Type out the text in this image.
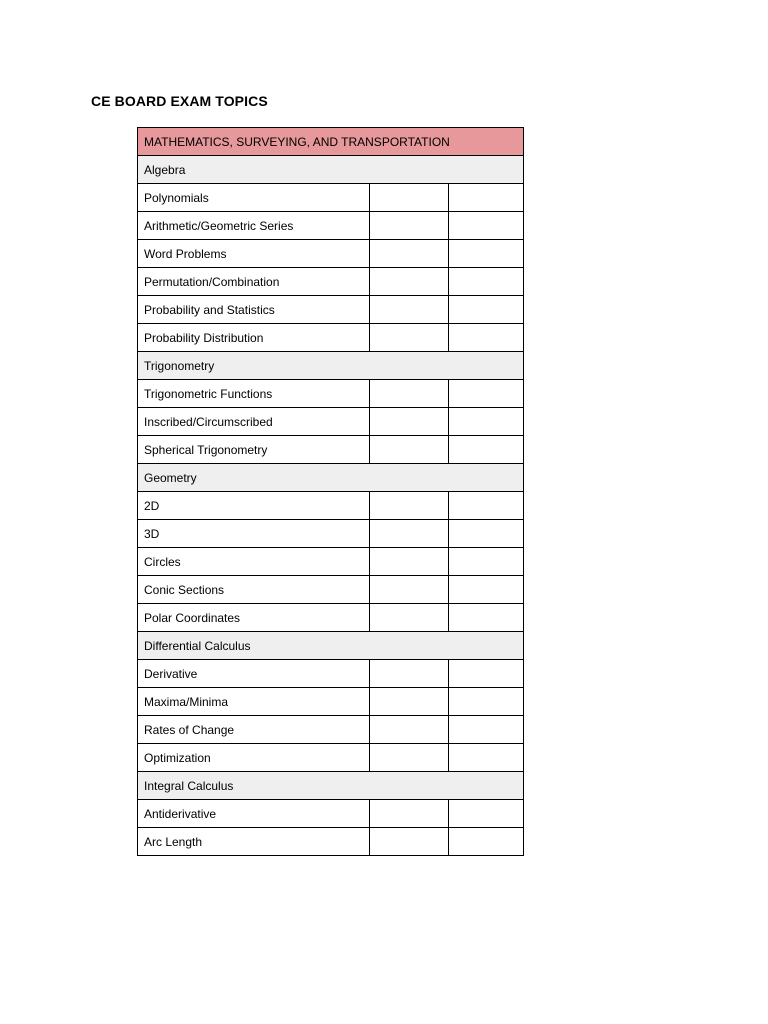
CE BOARD EXAM TOPICS
MATHEMATICS, SURVEYING, AND TRANSPORTATION		
Algebra		
Polynomials		
Arithmetic/Geometric Series		
Word Problems		
Permutation/Combination		
Probability and Statistics		
Probability Distribution		
Trigonometry		
Trigonometric Functions		
Inscribed/Circumscribed		
Spherical Trigonometry		
Geometry		
2D		
3D		
Circles		
Conic Sections		
Polar Coordinates		
Differential Calculus		
Derivative		
Maxima/Minima		
Rates of Change		
Optimization		
Integral Calculus		
Antiderivative		
Arc Length		
